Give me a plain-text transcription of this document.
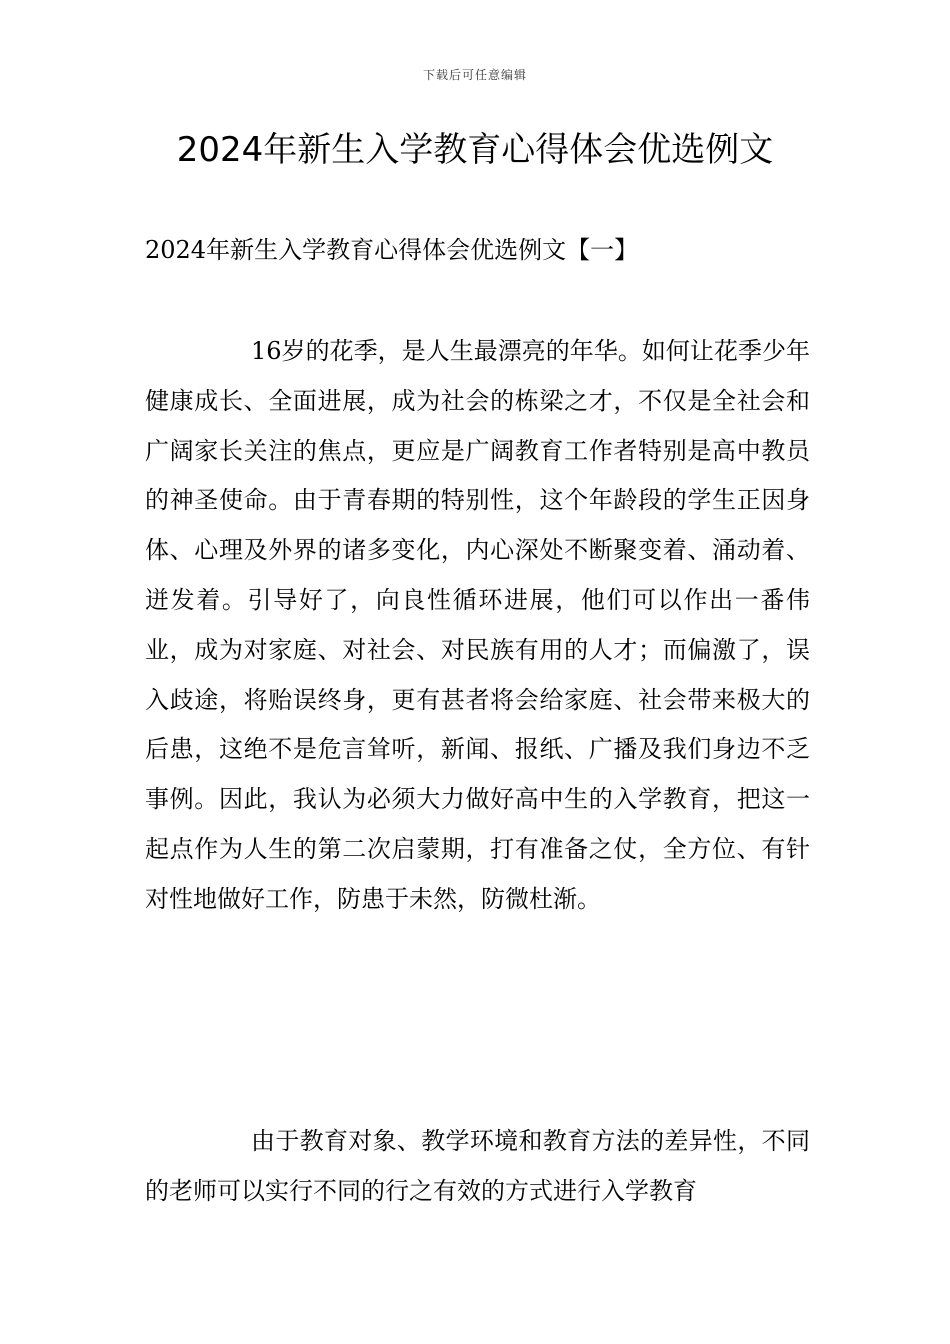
下载后可任意编辑
2024年新生入学教育心得体会优选例文
2024年新生入学教育心得体会优选例文【一】

16岁的花季，是人生最漂亮的年华。如何让花季少年健康成长、全面进展，成为社会的栋梁之才，不仅是全社会和广阔家长关注的焦点，更应是广阔教育工作者特别是高中教员的神圣使命。由于青春期的特别性，这个年龄段的学生正因身体、心理及外界的诸多变化，内心深处不断聚变着、涌动着、迸发着。引导好了，向良性循环进展，他们可以作出一番伟业，成为对家庭、对社会、对民族有用的人才；而偏激了，误入歧途，将贻误终身，更有甚者将会给家庭、社会带来极大的后患，这绝不是危言耸听，新闻、报纸、广播及我们身边不乏事例。因此，我认为必须大力做好高中生的入学教育，把这一起点作为人生的第二次启蒙期，打有准备之仗，全方位、有针对性地做好工作，防患于未然，防微杜渐。

由于教育对象、教学环境和教育方法的差异性，不同的老师可以实行不同的行之有效的方式进行入学教育
